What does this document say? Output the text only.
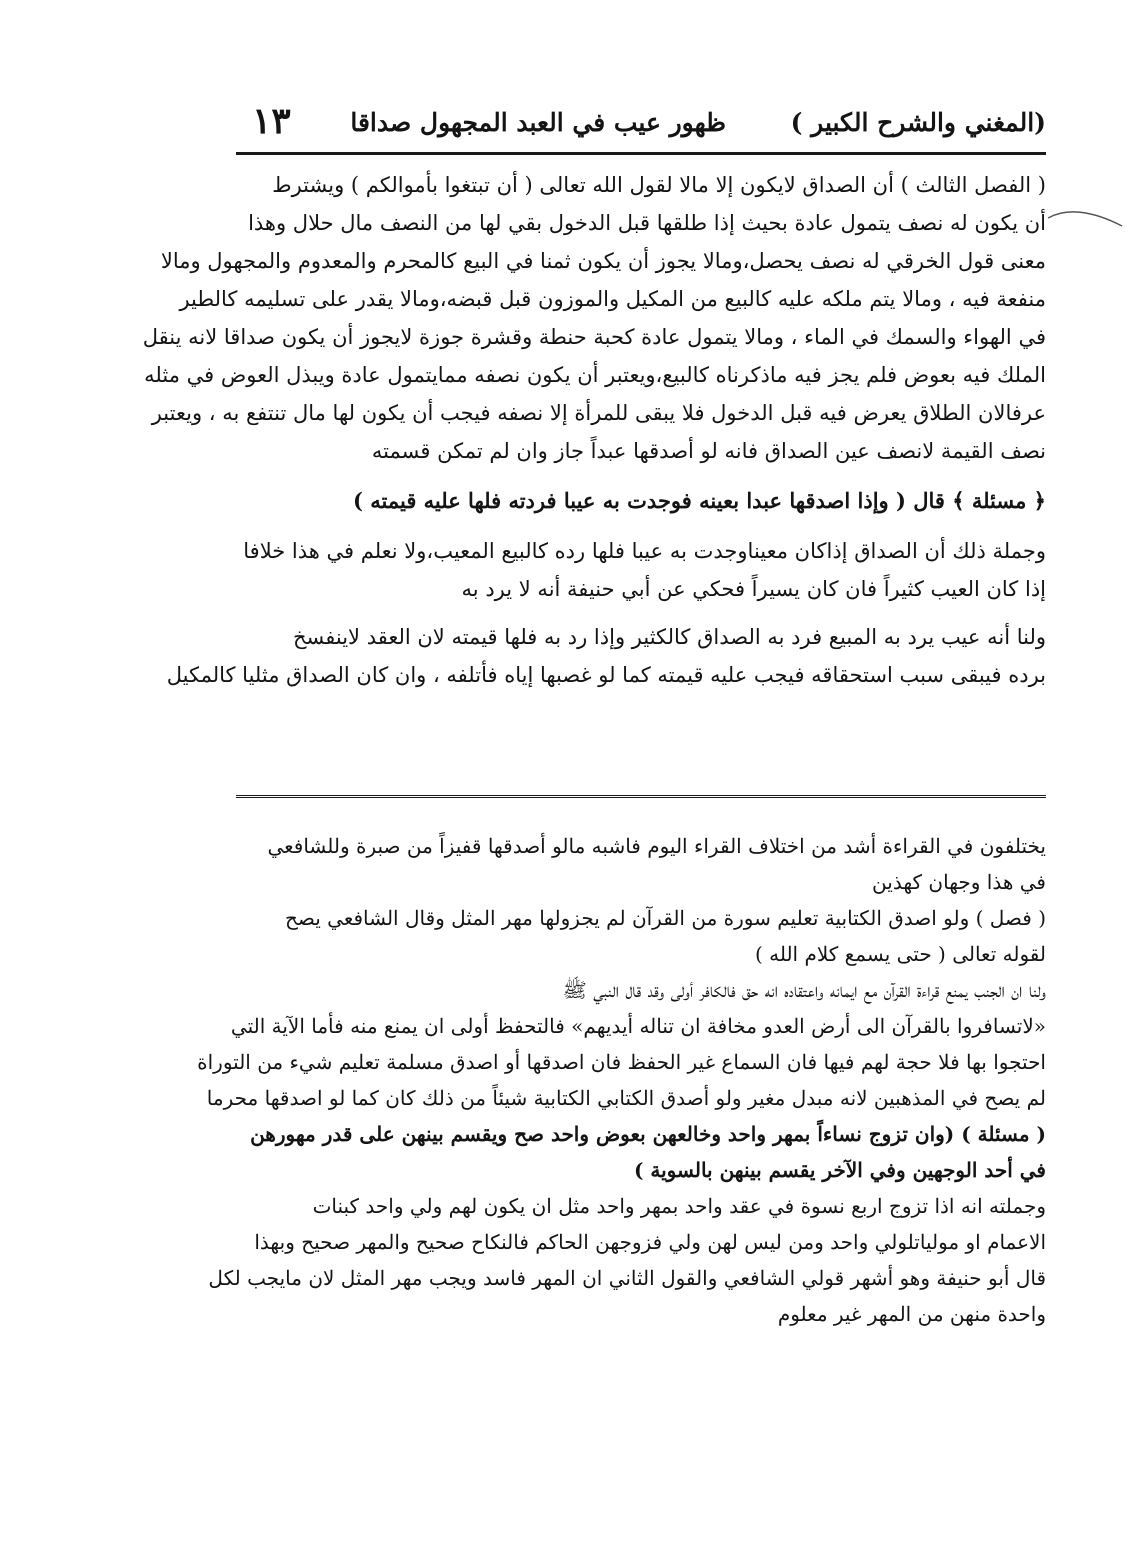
(المغني والشرح الكبير )
ظهور عيب في العبد المجهول صداقا
١٣
( الفصل الثالث ) أن الصداق لايكون إلا مالا لقول الله تعالى ( أن تبتغوا بأموالكم ) ويشترط
أن يكون له نصف يتمول عادة بحيث إذا طلقها قبل الدخول بقي لها من النصف مال حلال وهذا
معنى قول الخرقي له نصف يحصل،ومالا يجوز أن يكون ثمنا في البيع كالمحرم والمعدوم والمجهول ومالا
منفعة فيه ، ومالا يتم ملكه عليه كالبيع من المكيل والموزون قبل قبضه،ومالا يقدر على تسليمه كالطير
في الهواء والسمك في الماء ، ومالا يتمول عادة كحبة حنطة وقشرة جوزة لايجوز أن يكون صداقا لانه ينقل
الملك فيه بعوض فلم يجز فيه ماذكرناه كالبيع،ويعتبر أن يكون نصفه ممايتمول عادة ويبذل العوض في مثله
عرفالان الطلاق يعرض فيه قبل الدخول فلا يبقى للمرأة إلا نصفه فيجب أن يكون لها مال تنتفع به ، ويعتبر
نصف القيمة لانصف عين الصداق فانه لو أصدقها عبداً جاز وان لم تمكن قسمته
﴿ مسئلة ﴾ قال ( وإذا اصدقها عبدا بعينه فوجدت به عيبا فردته فلها عليه قيمته )
وجملة ذلك أن الصداق إذاكان معيناوجدت به عيبا فلها رده كالبيع المعيب،ولا نعلم في هذا خلافا
إذا كان العيب كثيراً فان كان يسيراً فحكي عن أبي حنيفة أنه لا يرد به
ولنا أنه عيب يرد به المبيع فرد به الصداق كالكثير وإذا رد به فلها قيمته لان العقد لاينفسخ
برده فيبقى سبب استحقاقه فيجب عليه قيمته كما لو غصبها إياه فأتلفه ، وان كان الصداق مثليا كالمكيل
يختلفون في القراءة أشد من اختلاف القراء اليوم فاشبه مالو أصدقها قفيزاً من صبرة وللشافعي
في هذا وجهان كهذين
( فصل ) ولو اصدق الكتابية تعليم سورة من القرآن لم يجزولها مهر المثل وقال الشافعي يصح
لقوله تعالى ( حتى يسمع كلام الله )
ولنا ان الجنب يمنع قراءة القرآن مع ايمانه واعتقاده انه حق فالكافر أولى وقد قال النبي ﷺ
«لاتسافروا بالقرآن الى أرض العدو مخافة ان تناله أيديهم» فالتحفظ أولى ان يمنع منه فأما الآية التي
احتجوا بها فلا حجة لهم فيها فان السماع غير الحفظ فان اصدقها أو اصدق مسلمة تعليم شيء من التوراة
لم يصح في المذهبين لانه مبدل مغير ولو أصدق الكتابي الكتابية شيئاً من ذلك كان كما لو اصدقها محرما
( مسئلة ) (وان تزوج نساءاً بمهر واحد وخالعهن بعوض واحد صح ويقسم بينهن على قدر مهورهن
في أحد الوجهين وفي الآخر يقسم بينهن بالسوية )
وجملته انه اذا تزوج اربع نسوة في عقد واحد بمهر واحد مثل ان يكون لهم ولي واحد كبنات
الاعمام او مولياتلولي واحد ومن ليس لهن ولي فزوجهن الحاكم فالنكاح صحيح والمهر صحيح وبهذا
قال أبو حنيفة وهو أشهر قولي الشافعي والقول الثاني ان المهر فاسد ويجب مهر المثل لان مايجب لكل
واحدة منهن من المهر غير معلوم
